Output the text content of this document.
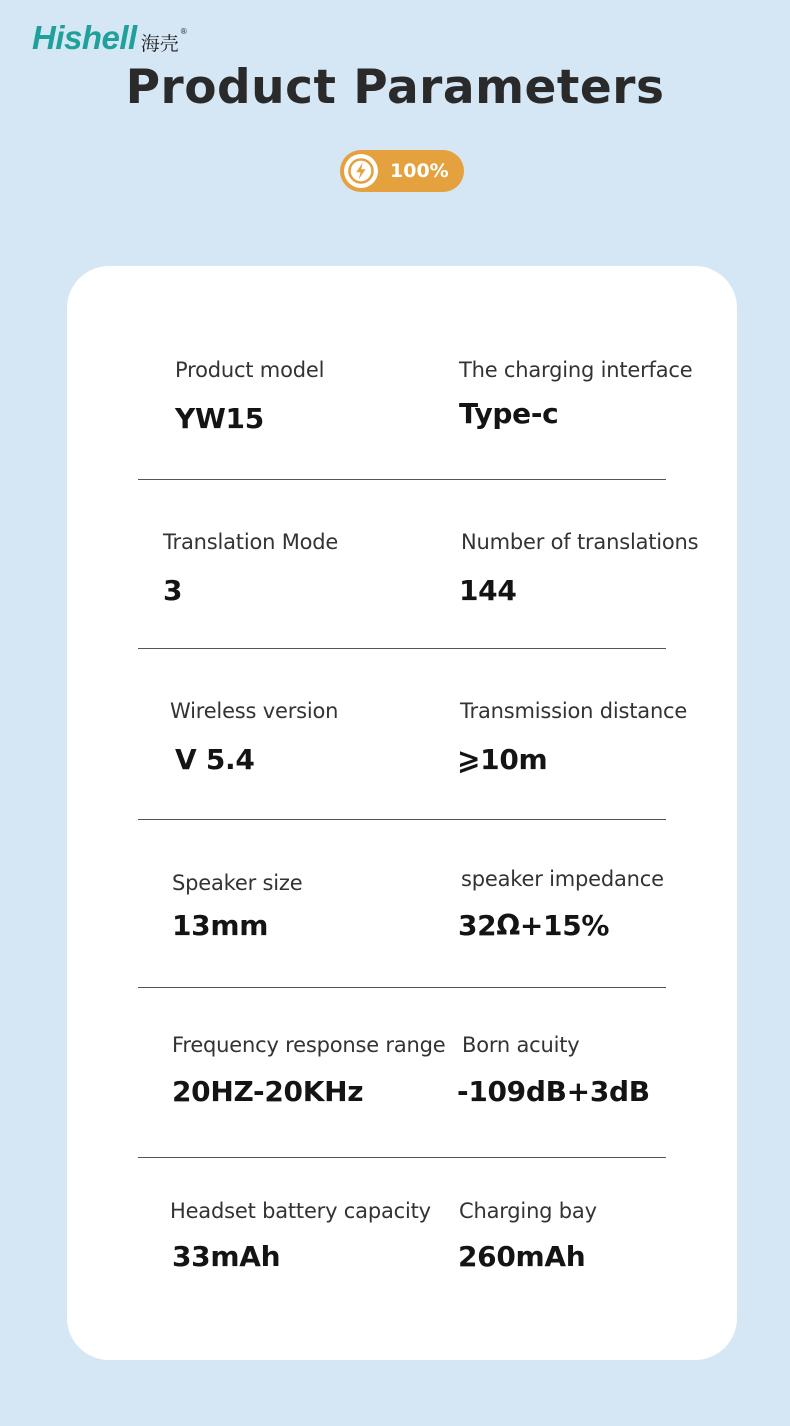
Hishell 海壳
®
Product Parameters
100%
Product model
YW15
The charging interface
Type-c
Translation Mode
3
Number of translations
144
Wireless version
V 5.4
Transmission distance
⩾10m
Speaker size
13mm
speaker impedance
32Ω+15%
Frequency response range
20HZ-20KHz
Born acuity
-109dB+3dB
Headset battery capacity
33mAh
Charging bay
260mAh
